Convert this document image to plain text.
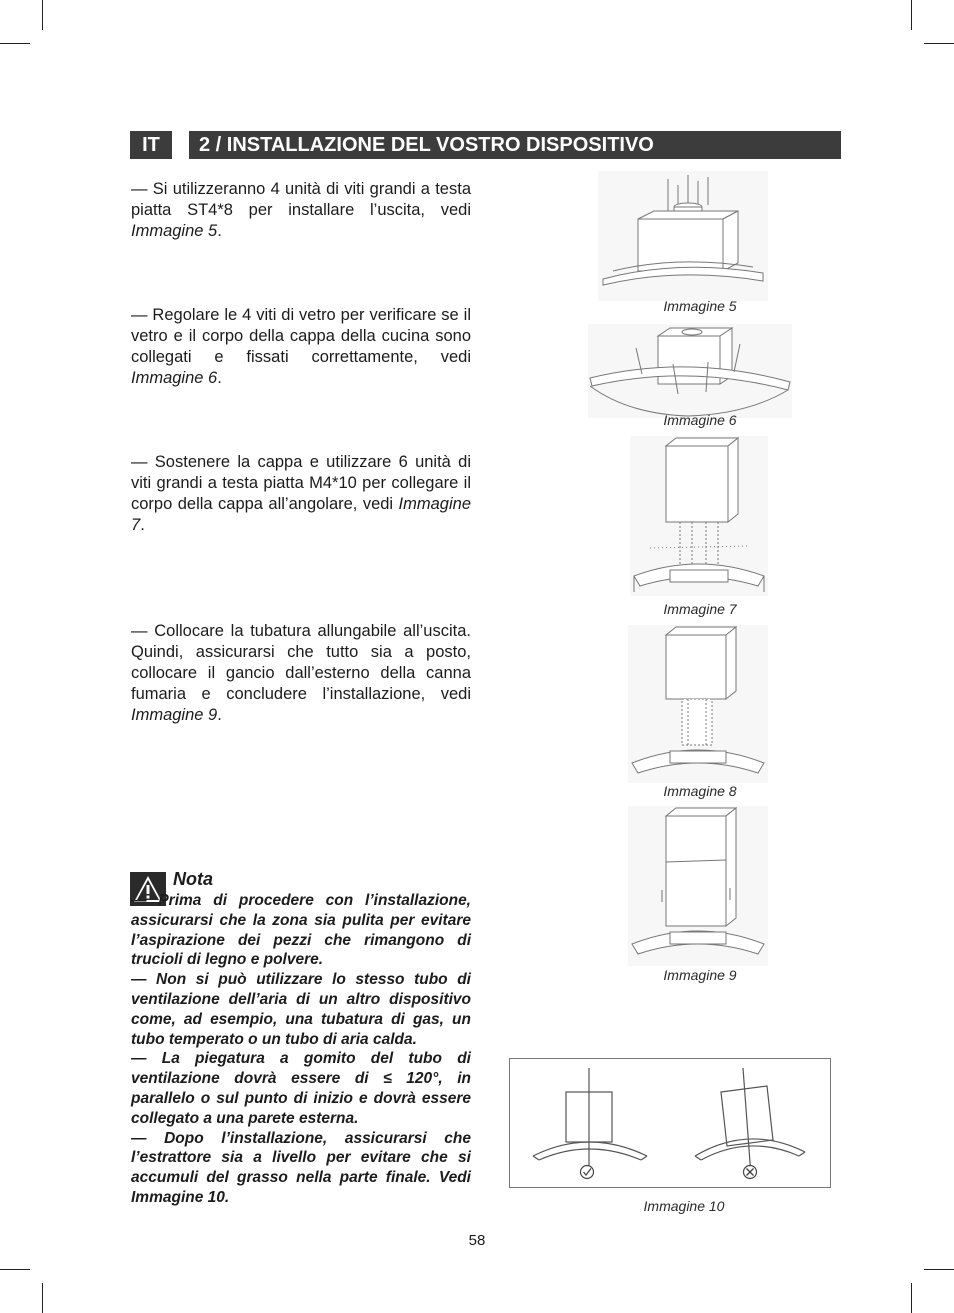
IT	2 / INSTALLAZIONE DEL VOSTRO DISPOSITIVO
— Si utilizzeranno 4 unità di viti grandi a testa piatta ST4*8 per installare l’uscita, vedi Immagine 5.
— Regolare le 4 viti di vetro per verificare se il vetro e il corpo della cappa della cucina sono collegati e fissati correttamente, vedi Immagine 6.
— Sostenere la cappa e utilizzare 6 unità di viti grandi a testa piatta M4*10 per collegare il corpo della cappa all’angolare, vedi Immagine 7.
— Collocare la tubatura allungabile all’uscita. Quindi, assicurarsi che tutto sia a posto, collocare il gancio dall’esterno della canna fumaria e concludere l’installazione, vedi Immagine 9.
Nota

— Prima di procedere con l’installazione, assicurarsi che la zona sia pulita per evitare l’aspirazione dei pezzi che rimangono di trucioli di legno e polvere.

— Non si può utilizzare lo stesso tubo di ventilazione dell’aria di un altro dispositivo come, ad esempio, una tubatura di gas, un tubo temperato o un tubo di aria calda.

— La piegatura a gomito del tubo di ventilazione dovrà essere di ≤ 120°, in parallelo o sul punto di inizio e dovrà essere collegato a una parete esterna.

— Dopo l’installazione, assicurarsi che l’estrattore sia a livello per evitare che si accumuli del grasso nella parte finale. Vedi Immagine 10.

Immagine 5
Immagine 6
Immagine 7
Immagine 8
Immagine 9
Immagine 10
58
